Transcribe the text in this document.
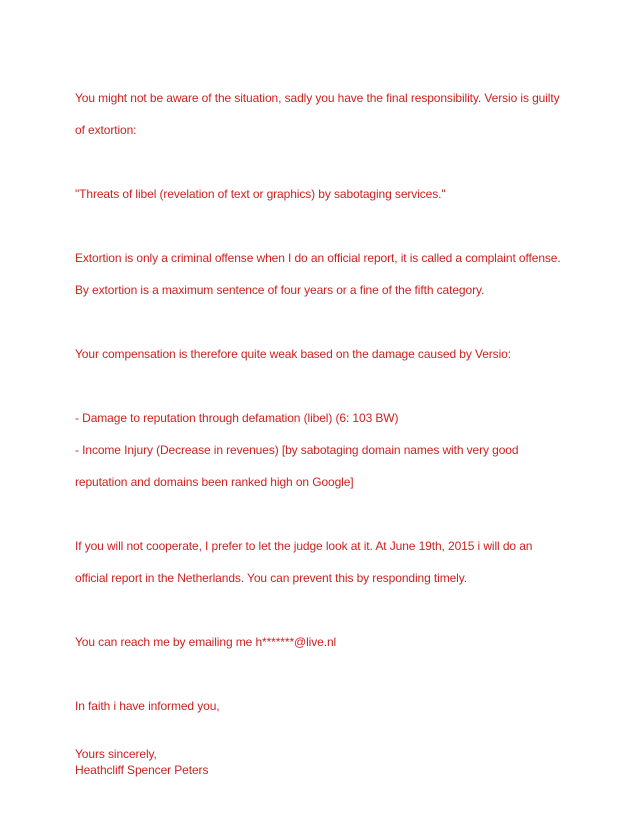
You might not be aware of the situation, sadly you have the final responsibility. Versio is guilty

of extortion:

"Threats of libel (revelation of text or graphics) by sabotaging services."

Extortion is only a criminal offense when I do an official report, it is called a complaint offense.

By extortion is a maximum sentence of four years or a fine of the fifth category.

Your compensation is therefore quite weak based on the damage caused by Versio:

- Damage to reputation through defamation (libel) (6: 103 BW)

- Income Injury (Decrease in revenues) [by sabotaging domain names with very good

reputation and domains been ranked high on Google]

If you will not cooperate, I prefer to let the judge look at it. At June 19th, 2015 i will do an

official report in the Netherlands. You can prevent this by responding timely.

You can reach me by emailing me h*******@live.nl

In faith i have informed you,

Yours sincerely,
Heathcliff Spencer Peters
